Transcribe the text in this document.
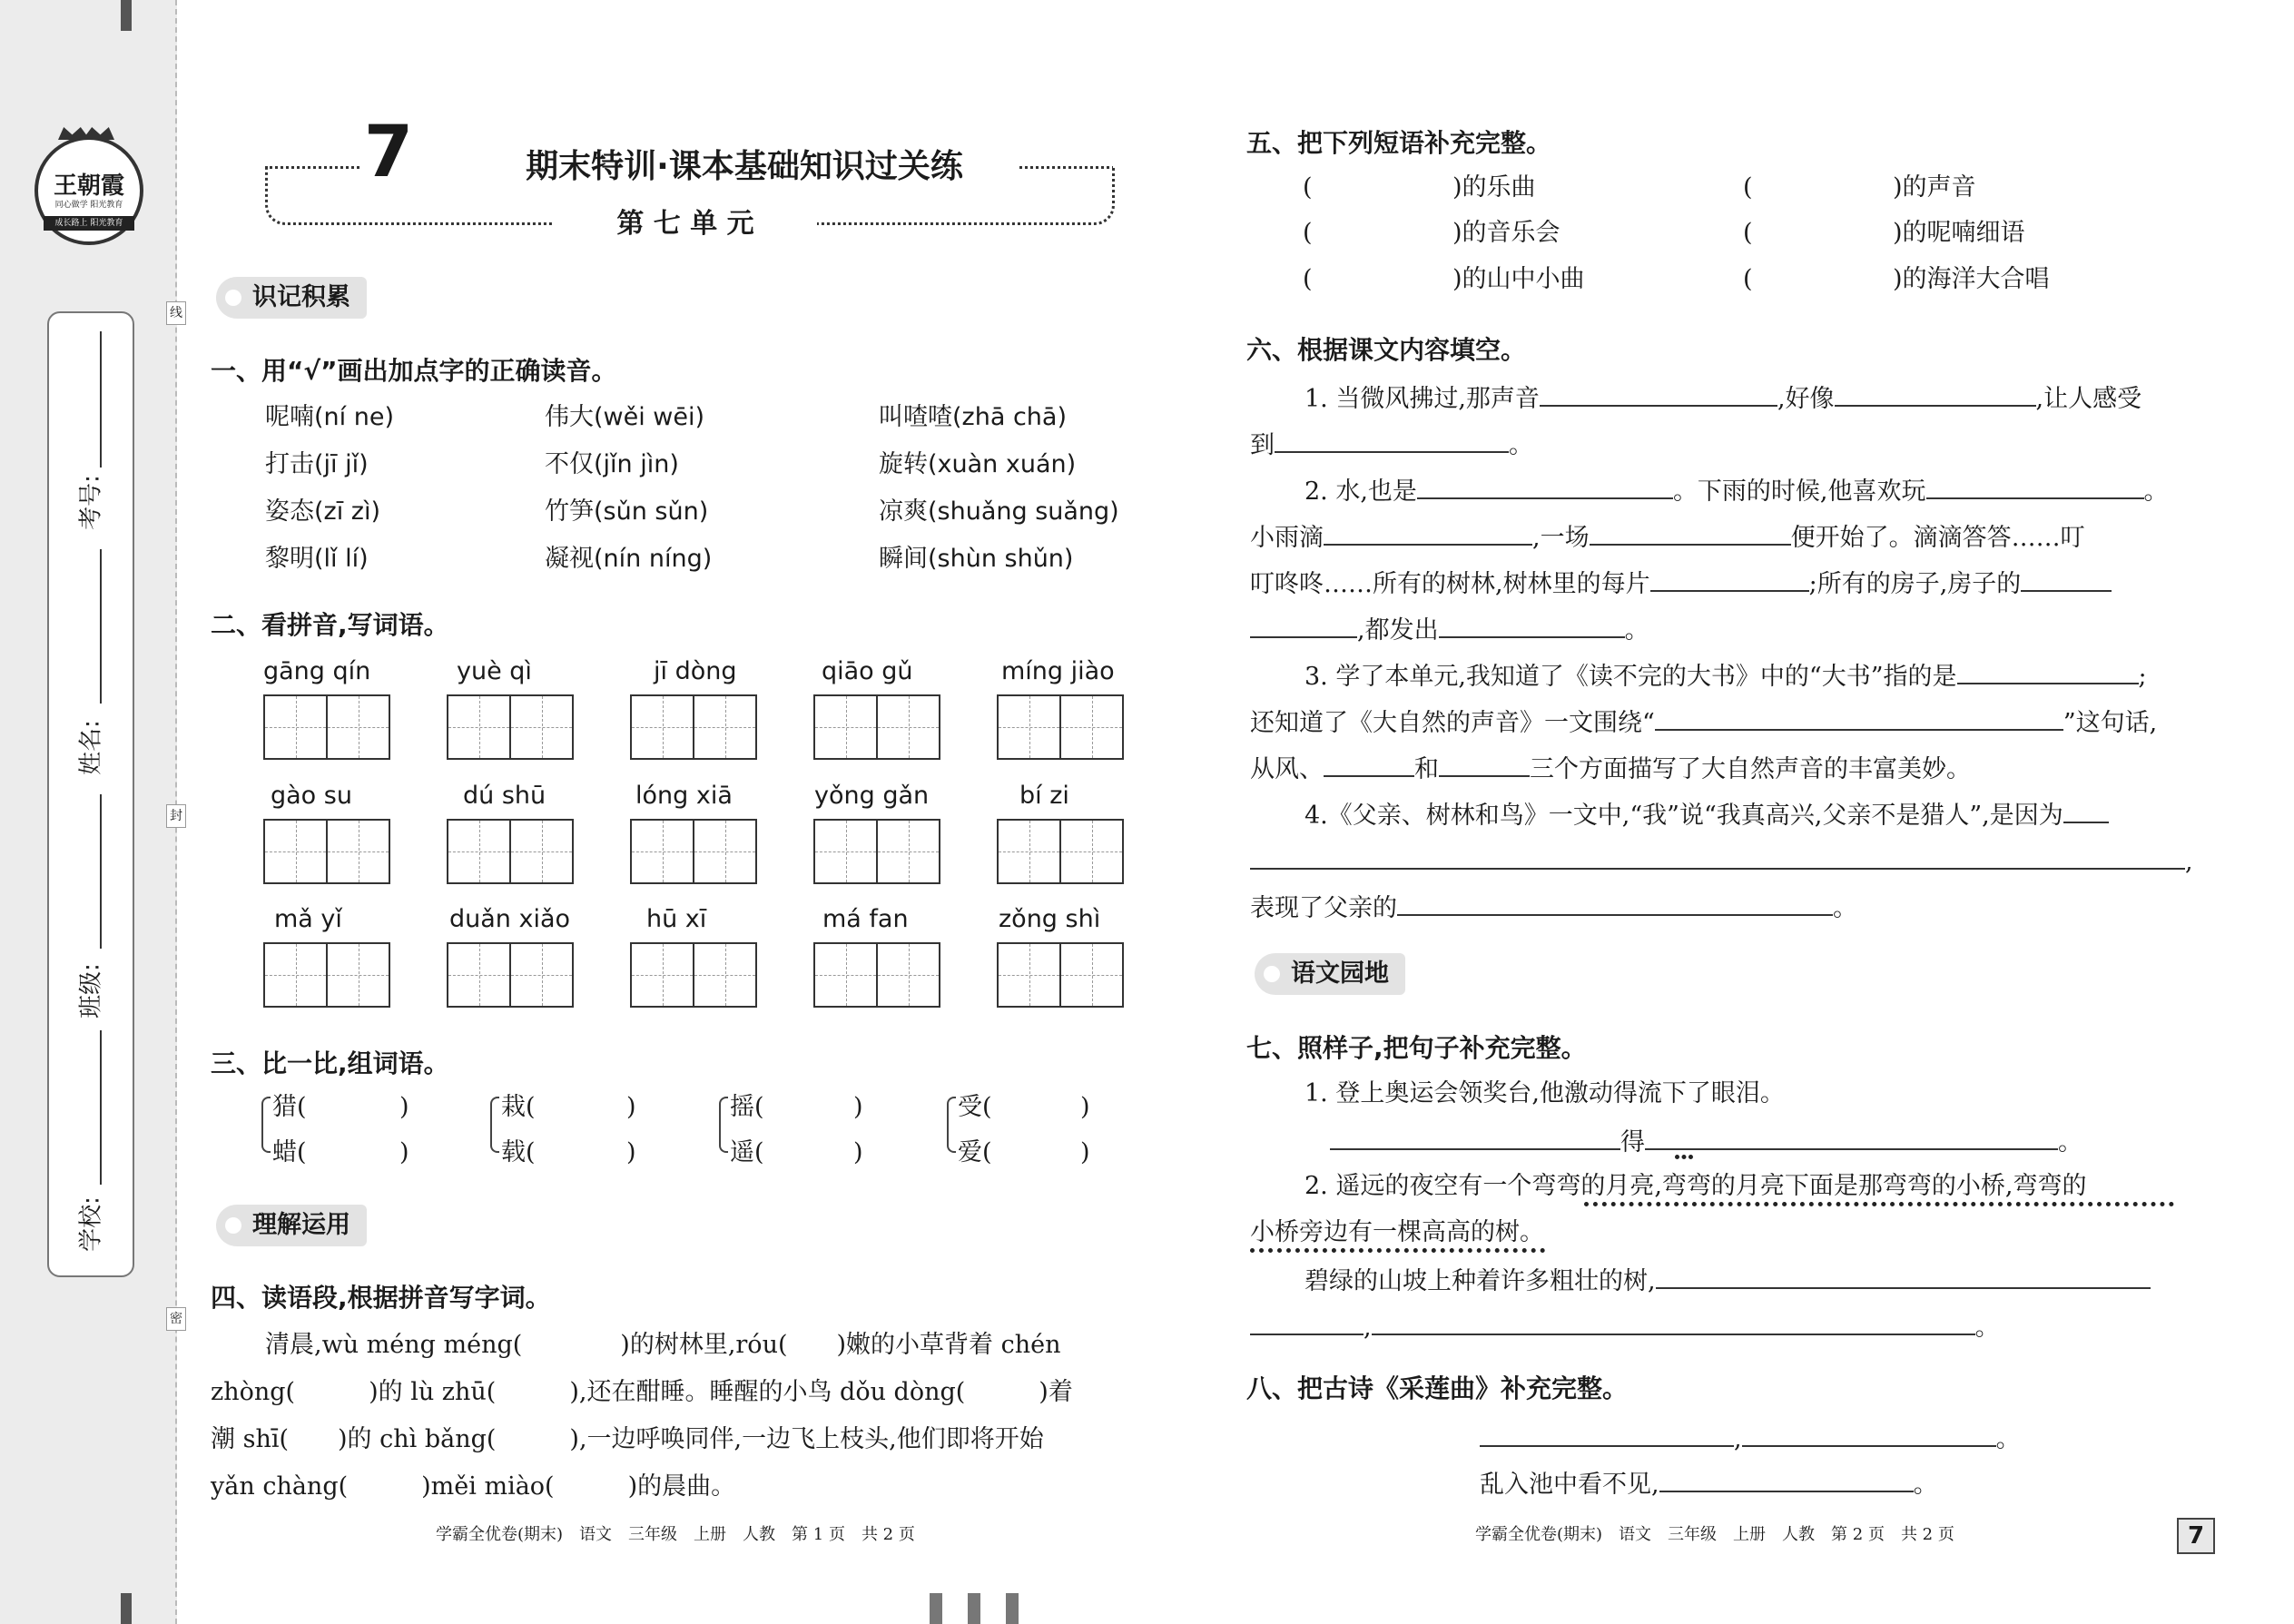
王朝霞
同心做学 阳光教育
成长路上 阳光教育
考号:
姓名:
班级:
学校:
线
封
密
7	期末特训·课本基础知识过关练
第 七 单 元
识记积累
一、用“√”画出加点字的正确读音。
呢喃(ní ne)	伟大(wěi wēi)	叫喳喳(zhā chā)
打击(jī jǐ)	不仅(jǐn jìn)	旋转(xuàn xuán)
姿态(zī zì)	竹笋(sǔn sǔn)	凉爽(shuǎng suǎng)
黎明(lǐ lí)	凝视(nín níng)	瞬间(shùn shǔn)
二、看拼音,写词语。
gāng qín	yuè qì	jī dòng	qiāo gǔ	míng jiào
gào su	dú shū	lóng xiā	yǒng gǎn	bí zi
mǎ yǐ	duǎn xiǎo	hū xī	má fan	zǒng shì
三、比一比,组词语。
猎(	)
蜡(	)
栽(	)
载(	)
摇(	)
遥(	)
受(	)
爱(	)
理解运用
四、读语段,根据拼音写字词。
清晨,wù méng méng(　　　　)的树林里,róu(　　)嫩的小草背着 chén
zhòng(　　　)的 lù zhū(　　　),还在酣睡。睡醒的小鸟 dǒu dòng(　　　)着
潮 shī(　　)的 chì bǎng(　　　),一边呼唤同伴,一边飞上枝头,他们即将开始
yǎn chàng(　　　)měi miào(　　　)的晨曲。
学霸全优卷(期末)　语文　三年级　上册　人教　第 1 页　共 2 页
五、把下列短语补充完整。
(	)的乐曲	(	)的声音
(	)的音乐会	(	)的呢喃细语
(	)的山中小曲	(	)的海洋大合唱
六、根据课文内容填空。
1. 当微风拂过,那声音	,好像	,让人感受
到	。
2. 水,也是	。下雨的时候,他喜欢玩	。
小雨滴	,一场	便开始了。滴滴答答……叮
叮咚咚……所有的树林,树林里的每片	;所有的房子,房子的
,都发出	。
3. 学了本单元,我知道了《读不完的大书》中的“大书”指的是	;
还知道了《大自然的声音》一文围绕“	”这句话,
从风、	和	三个方面描写了大自然声音的丰富美妙。
4.《父亲、树林和鸟》一文中,“我”说“我真高兴,父亲不是猎人”,是因为
,
表现了父亲的	。
语文园地
七、照样子,把句子补充完整。
1. 登上奥运会领奖台,他激动得流下了眼泪。
得	。
2. 遥远的夜空有一个弯弯的月亮,弯弯的月亮下面是那弯弯的小桥,弯弯的
小桥旁边有一棵高高的树。
碧绿的山坡上种着许多粗壮的树,
,	。
八、把古诗《采莲曲》补充完整。
,	。
乱入池中看不见,	。
学霸全优卷(期末)　语文　三年级　上册　人教　第 2 页　共 2 页	7
